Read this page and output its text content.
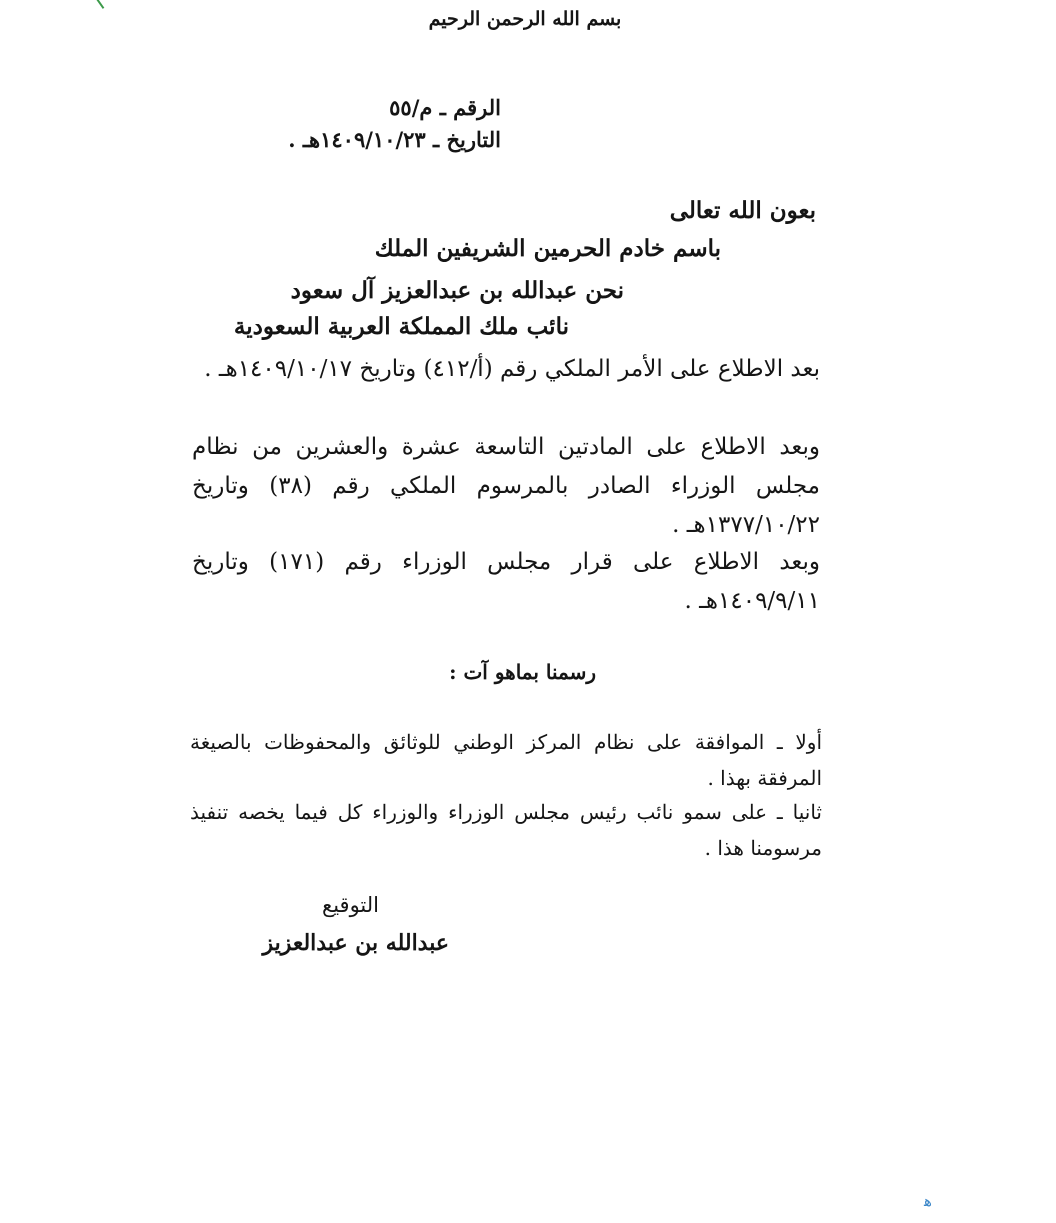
بسم الله الرحمن الرحيم
الرقم ـ م/٥٥
التاريخ ـ ١٤٠٩/١٠/٢٣هـ .
بعون الله تعالى
باسم خادم الحرمين الشريفين الملك
نحن عبدالله بن عبدالعزيز آل سعود
نائب ملك المملكة العربية السعودية
بعد الاطلاع على الأمر الملكي رقم (أ/٤١٢) وتاريخ ١٤٠٩/١٠/١٧هـ .
وبعد الاطلاع على المادتين التاسعة عشرة والعشرين من نظام مجلس الوزراء الصادر بالمرسوم الملكي رقم (٣٨) وتاريخ ١٣٧٧/١٠/٢٢هـ .
وبعد الاطلاع على قرار مجلس الوزراء رقم (١٧١) وتاريخ ١٤٠٩/٩/١١هـ .
رسمنا بماهو آت :
أولا ـ الموافقة على نظام المركز الوطني للوثائق والمحفوظات بالصيغة المرفقة بهذا .
ثانيا ـ على سمو نائب رئيس مجلس الوزراء والوزراء كل فيما يخصه تنفيذ مرسومنا هذا .
التوقيع
عبدالله بن عبدالعزيز
ﻫ
